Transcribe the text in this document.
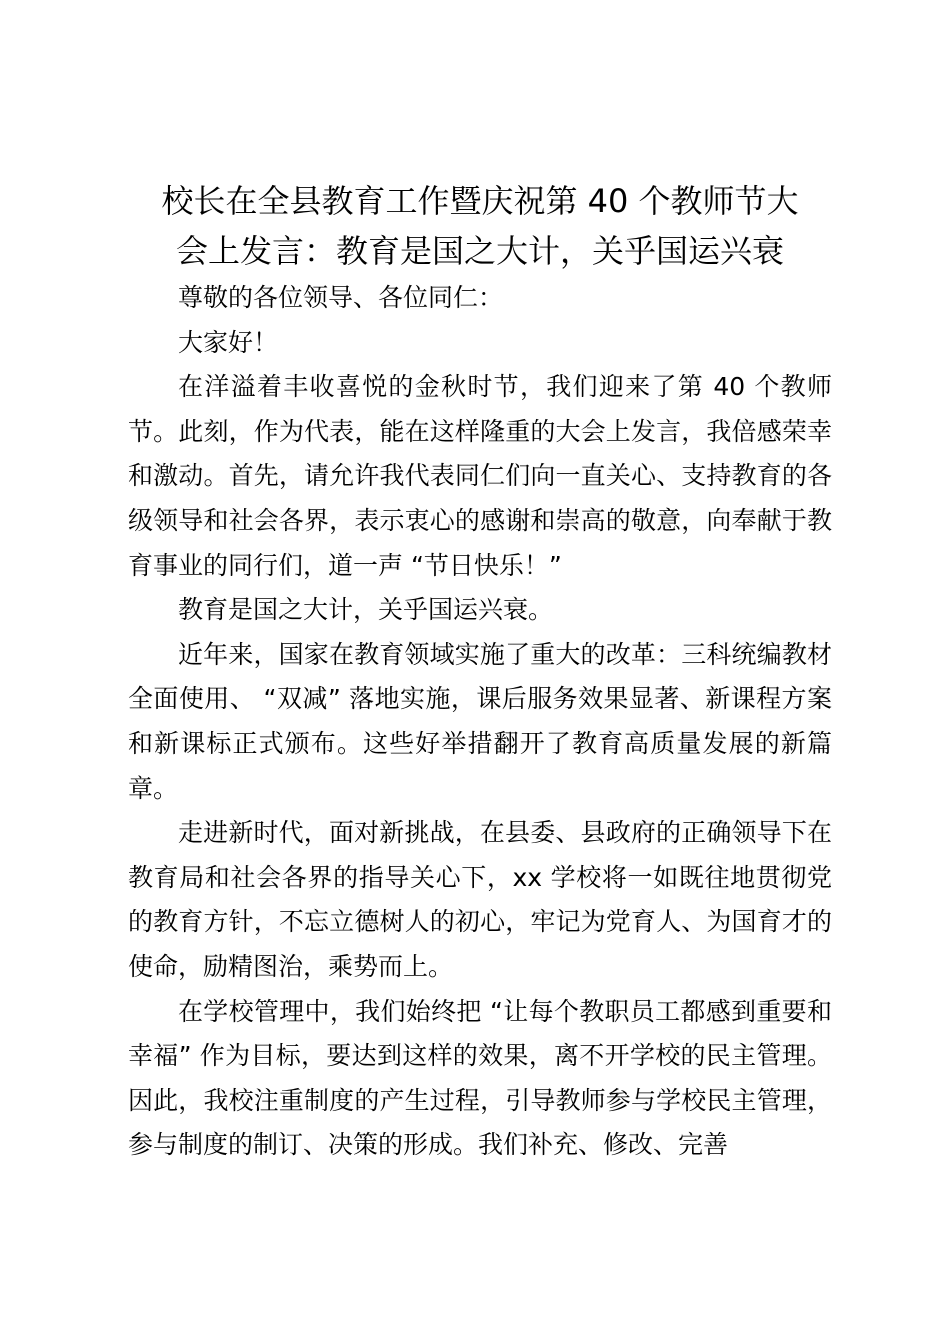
校长在全县教育工作暨庆祝第 40 个教师节大
会上发言：教育是国之大计，关乎国运兴衰

尊敬的各位领导、各位同仁：

大家好！

在洋溢着丰收喜悦的金秋时节，我们迎来了第 40 个教师节。此刻，作为代表，能在这样隆重的大会上发言，我倍感荣幸和激动。首先，请允许我代表同仁们向一直关心、支持教育的各级领导和社会各界，表示衷心的感谢和崇高的敬意，向奉献于教育事业的同行们，道一声 “节日快乐！”

教育是国之大计，关乎国运兴衰。

近年来，国家在教育领域实施了重大的改革：三科统编教材全面使用、 “双减” 落地实施，课后服务效果显著、新课程方案和新课标正式颁布。这些好举措翻开了教育高质量发展的新篇章。

走进新时代，面对新挑战，在县委、县政府的正确领导下在教育局和社会各界的指导关心下，xx 学校将一如既往地贯彻党的教育方针，不忘立德树人的初心，牢记为党育人、为国育才的使命，励精图治，乘势而上。

在学校管理中，我们始终把 “让每个教职员工都感到重要和幸福” 作为目标，要达到这样的效果，离不开学校的民主管理。因此，我校注重制度的产生过程，引导教师参与学校民主管理，参与制度的制订、决策的形成。我们补充、修改、完善
